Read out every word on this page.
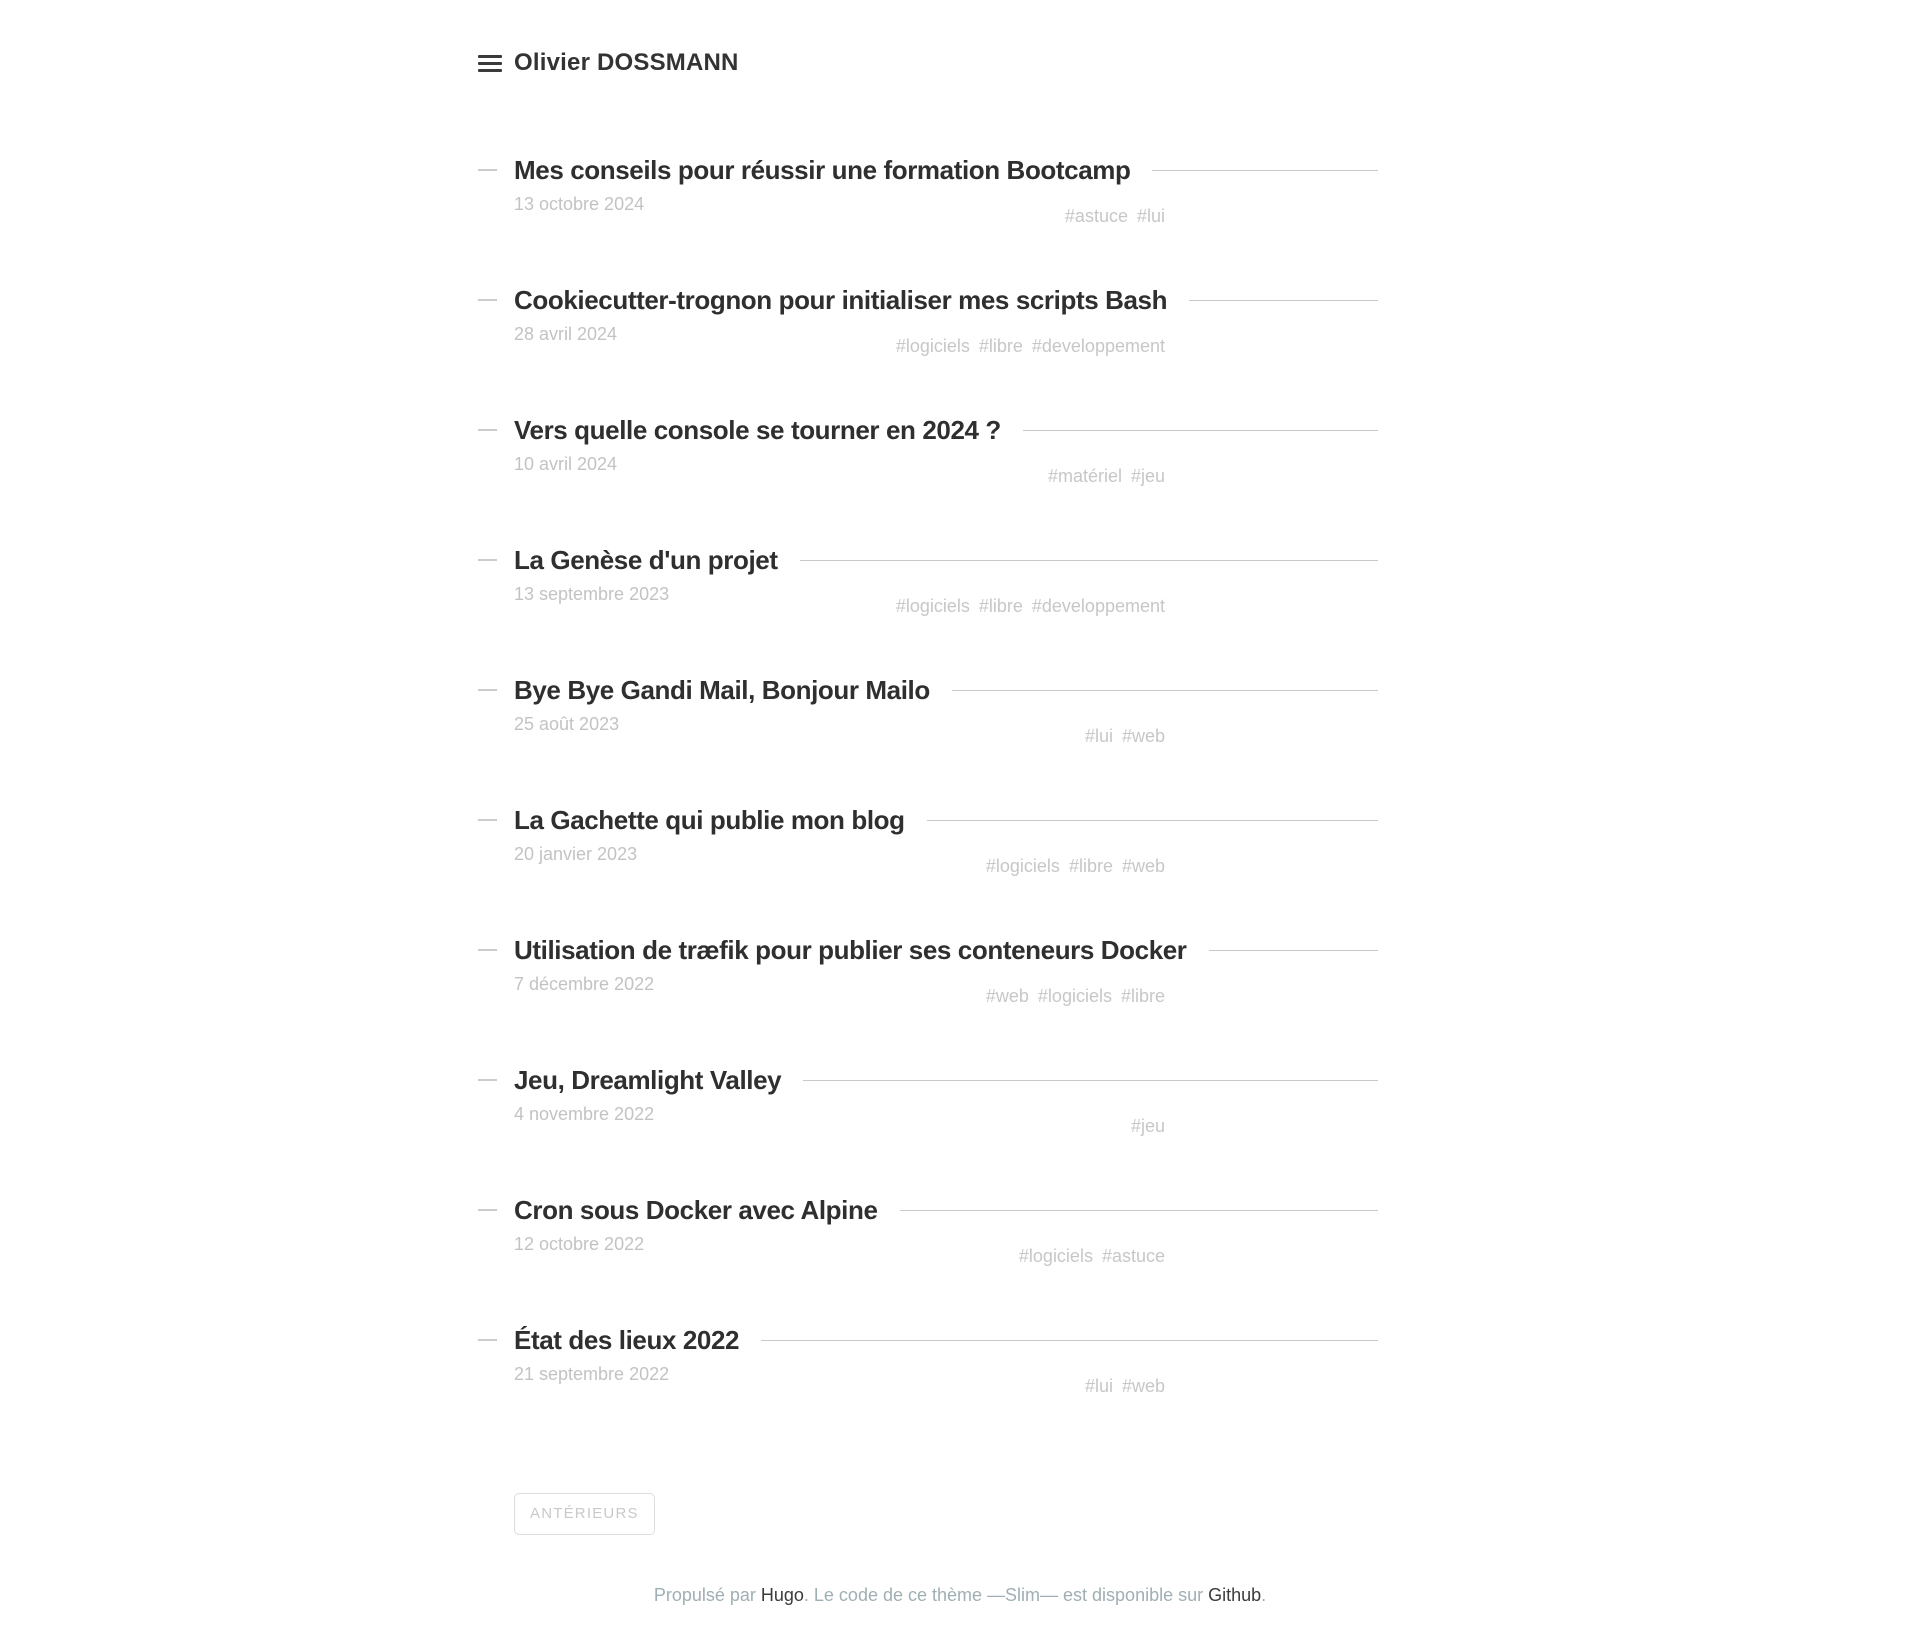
Olivier DOSSMANN
Mes conseils pour réussir une formation Bootcamp
13 octobre 2024
#astuce #lui
Cookiecutter-trognon pour initialiser mes scripts Bash
28 avril 2024
#logiciels #libre #developpement
Vers quelle console se tourner en 2024 ?
10 avril 2024
#matériel #jeu
La Genèse d'un projet
13 septembre 2023
#logiciels #libre #developpement
Bye Bye Gandi Mail, Bonjour Mailo
25 août 2023
#lui #web
La Gachette qui publie mon blog
20 janvier 2023
#logiciels #libre #web
Utilisation de træfik pour publier ses conteneurs Docker
7 décembre 2022
#web #logiciels #libre
Jeu, Dreamlight Valley
4 novembre 2022
#jeu
Cron sous Docker avec Alpine
12 octobre 2022
#logiciels #astuce
État des lieux 2022
21 septembre 2022
#lui #web
ANTÉRIEURS
Propulsé par Hugo. Le code de ce thème —Slim— est disponible sur Github.
